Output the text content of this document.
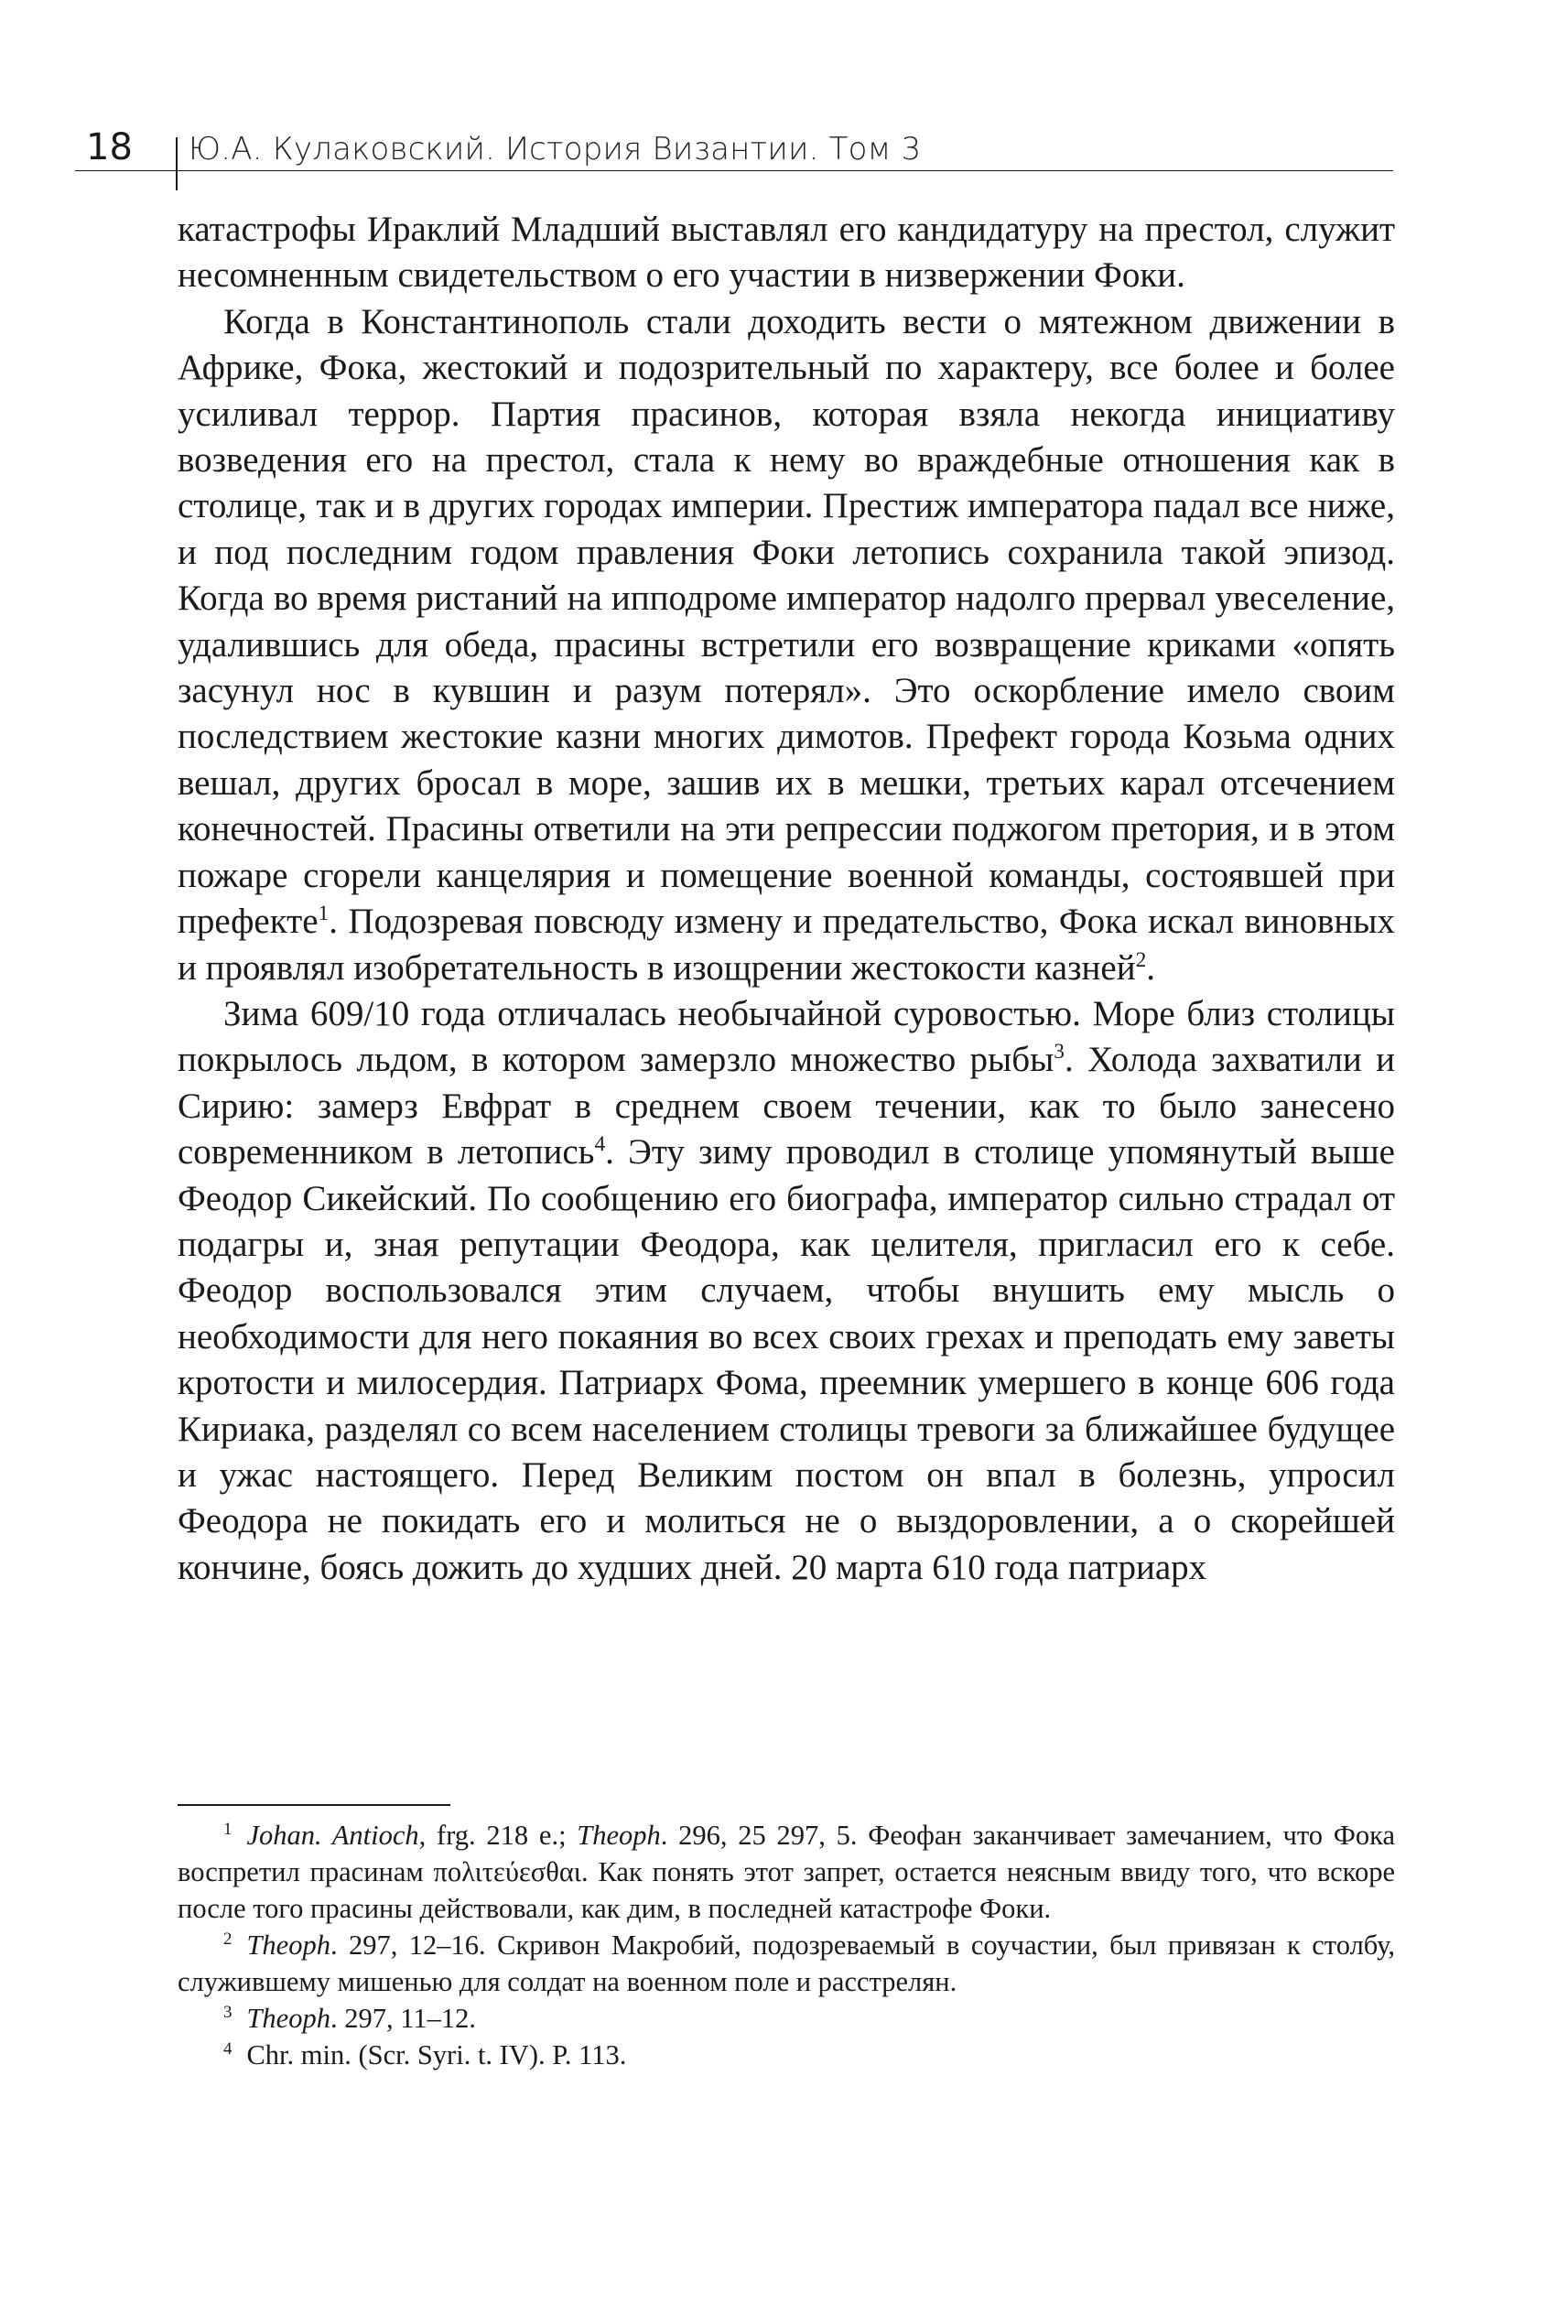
18 Ю.А. Кулаковский. История Византии. Том 3

катастрофы Ираклий Младший выставлял его кандидатуру на престол, служит несомненным свидетельством о его участии в низвержении Фоки.

Когда в Константинополь стали доходить вести о мятежном движении в Африке, Фока, жестокий и подозрительный по характеру, все более и более усиливал террор. Партия прасинов, которая взяла некогда инициативу возведения его на престол, стала к нему во враждебные отношения как в столице, так и в других городах империи. Престиж императора падал все ниже, и под последним годом правления Фоки летопись сохранила такой эпизод. Когда во время ристаний на ипподроме император надолго прервал увеселение, удалившись для обеда, прасины встретили его возвращение криками «опять засунул нос в кувшин и разум потерял». Это оскорбление имело своим последствием жестокие казни многих димотов. Префект города Козьма одних вешал, других бросал в море, зашив их в мешки, третьих карал отсечением конечностей. Прасины ответили на эти репрессии поджогом претория, и в этом пожаре сгорели канцелярия и помещение военной команды, состоявшей при префекте$^1$. Подозревая повсюду измену и предательство, Фока искал виновных и проявлял изобретательность в изощрении жестокости казней$^2$.

Зима 609/10 года отличалась необычайной суровостью. Море близ столицы покрылось льдом, в котором замерзло множество рыбы$^3$. Холода захватили и Сирию: замерз Евфрат в среднем своем течении, как то было занесено современником в летопись$^4$. Эту зиму проводил в столице упомянутый выше Феодор Сикейский. По сообщению его биографа, император сильно страдал от подагры и, зная репутации Феодора, как целителя, пригласил его к себе. Феодор воспользовался этим случаем, чтобы внушить ему мысль о необходимости для него покаяния во всех своих грехах и преподать ему заветы кротости и милосердия. Патриарх Фома, преемник умершего в конце 606 года Кириака, разделял со всем населением столицы тревоги за ближайшее будущее и ужас настоящего. Перед Великим постом он впал в болезнь, упросил Феодора не покидать его и молиться не о выздоровлении, а о скорейшей кончине, боясь дожить до худших дней. 20 марта 610 года патриарх

$^1$ Johan. Antioch, frg. 218 e.; Theoph. 296, 25 297, 5. Феофан заканчивает замечанием, что Фока воспретил прасинам πολιτεύεσθαι. Как понять этот запрет, остается неясным ввиду того, что вскоре после того прасины действовали, как дим, в последней катастрофе Фоки.

$^2$ Theoph. 297, 12–16. Скривон Макробий, подозреваемый в соучастии, был привязан к столбу, служившему мишенью для солдат на военном поле и расстрелян.

$^3$ Theoph. 297, 11–12.

$^4$ Chr. min. (Scr. Syri. t. IV). P. 113.
